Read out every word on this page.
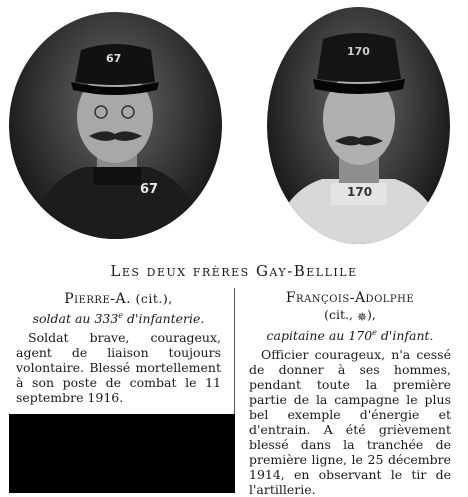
67
67
170
170
Les deux frères Gay-Bellile
Pierre-A. (cit.),
soldat au 333e d'infanterie.
Soldat brave, courageux, agent de liaison toujours volontaire. Blessé mortellement à son poste de combat le 11 septembre 1916.
François-Adolphe
(cit., ✵),
capitaine au 170e d'infant.
Officier courageux, n'a cessé de donner à ses hommes, pendant toute la première partie de la campagne le plus bel exemple d'énergie et d'entrain. A été grièvement blessé dans la tranchée de première ligne, le 25 décembre 1914, en observant le tir de l'artillerie.
